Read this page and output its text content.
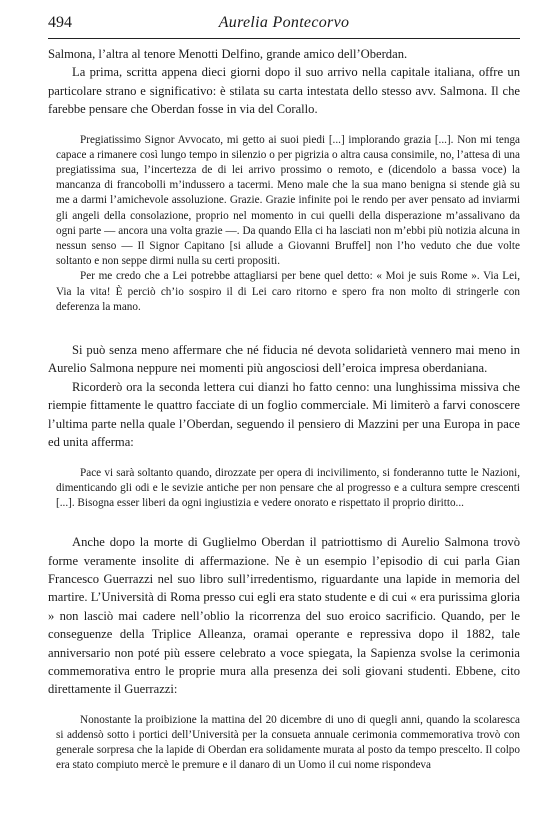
494	Aurelia Pontecorvo

Salmona, l’altra al tenore Menotti Delfino, grande amico dell’Oberdan.

La prima, scritta appena dieci giorni dopo il suo arrivo nella capitale italiana, offre un particolare strano e significativo: è stilata su carta intestata dello stesso avv. Salmona. Il che farebbe pensare che Oberdan fosse in via del Corallo.

Pregiatissimo Signor Avvocato, mi getto ai suoi piedi [...] implorando grazia [...]. Non mi tenga capace a rimanere così lungo tempo in silenzio o per pigrizia o altra causa consimile, no, l’attesa di una pregiatissima sua, l’incertezza de di lei arrivo prossimo o remoto, e (dicendolo a bassa voce) la mancanza di francobolli m’indussero a tacermi. Meno male che la sua mano benigna si stende già su me a darmi l’amichevole assoluzione. Grazie. Grazie infinite poi le rendo per aver pensato ad inviarmi gli angeli della consolazione, proprio nel momento in cui quelli della disperazione m’assalivano da ogni parte — ancora una volta grazie —. Da quando Ella ci ha lasciati non m’ebbi più notizia alcuna in nessun senso — Il Signor Capitano [si allude a Giovanni Bruffel] non l’ho veduto che due volte soltanto e non seppe dirmi nulla su certi propositi.

Per me credo che a Lei potrebbe attagliarsi per bene quel detto: « Moi je suis Rome ». Via Lei, Via la vita! È perciò ch’io sospiro il di Lei caro ritorno e spero fra non molto di stringerle con deferenza la mano.

Si può senza meno affermare che né fiducia né devota solidarietà vennero mai meno in Aurelio Salmona neppure nei momenti più angosciosi dell’eroica impresa oberdaniana.

Ricorderò ora la seconda lettera cui dianzi ho fatto cenno: una lunghissima missiva che riempie fittamente le quattro facciate di un foglio commerciale. Mi limiterò a farvi conoscere l’ultima parte nella quale l’Oberdan, seguendo il pensiero di Mazzini per una Europa in pace ed unita afferma:

Pace vi sarà soltanto quando, dirozzate per opera di incivilimento, si fonderanno tutte le Nazioni, dimenticando gli odi e le sevizie antiche per non pensare che al progresso e a cultura sempre crescenti [...]. Bisogna esser liberi da ogni ingiustizia e vedere onorato e rispettato il proprio diritto...

Anche dopo la morte di Guglielmo Oberdan il patriottismo di Aurelio Salmona trovò forme veramente insolite di affermazione. Ne è un esempio l’episodio di cui parla Gian Francesco Guerrazzi nel suo libro sull’irredentismo, riguardante una lapide in memoria del martire. L’Università di Roma presso cui egli era stato studente e di cui « era purissima gloria » non lasciò mai cadere nell’oblio la ricorrenza del suo eroico sacrificio. Quando, per le conseguenze della Triplice Alleanza, oramai operante e repressiva dopo il 1882, tale anniversario non poté più essere celebrato a voce spiegata, la Sapienza svolse la cerimonia commemorativa entro le proprie mura alla presenza dei soli giovani studenti. Ebbene, cito direttamente il Guerrazzi:

Nonostante la proibizione la mattina del 20 dicembre di uno di quegli anni, quando la scolaresca si addensò sotto i portici dell’Università per la consueta annuale cerimonia commemorativa trovò con generale sorpresa che la lapide di Oberdan era solidamente murata al posto da tempo prescelto. Il colpo era stato compiuto mercè le premure e il danaro di un Uomo il cui nome rispondeva
